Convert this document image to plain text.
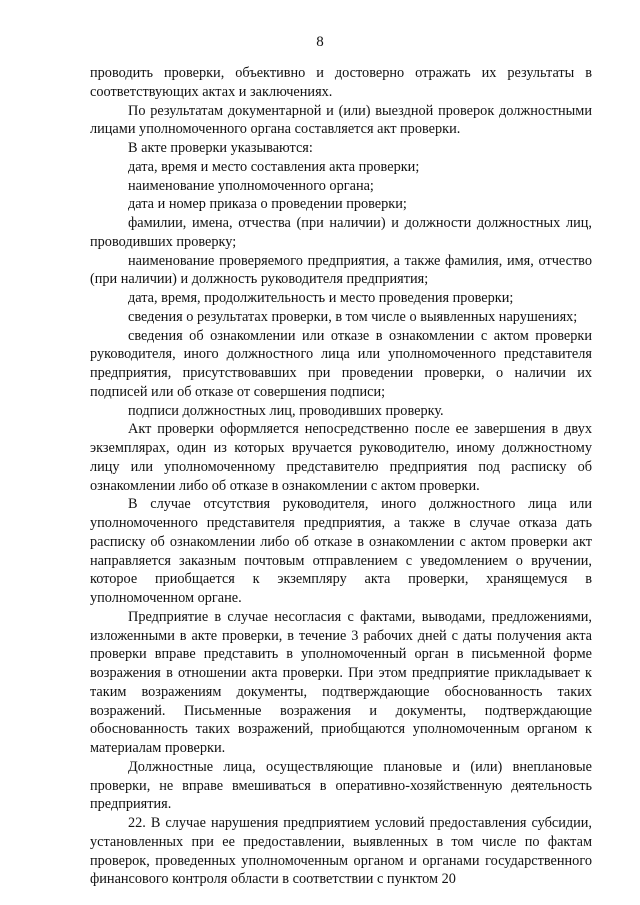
8

проводить проверки, объективно и достоверно отражать их результаты в соответствующих актах и заключениях.

По результатам документарной и (или) выездной проверок должностными лицами уполномоченного органа составляется акт проверки.

В акте проверки указываются:

дата, время и место составления акта проверки;

наименование уполномоченного органа;

дата и номер приказа о проведении проверки;

фамилии, имена, отчества (при наличии) и должности должностных лиц, проводивших проверку;

наименование проверяемого предприятия, а также фамилия, имя, отчество (при наличии) и должность руководителя предприятия;

дата, время, продолжительность и место проведения проверки;

сведения о результатах проверки, в том числе о выявленных нарушениях;

сведения об ознакомлении или отказе в ознакомлении с актом проверки руководителя, иного должностного лица или уполномоченного представителя предприятия, присутствовавших при проведении проверки, о наличии их подписей или об отказе от совершения подписи;

подписи должностных лиц, проводивших проверку.

Акт проверки оформляется непосредственно после ее завершения в двух экземплярах, один из которых вручается руководителю, иному должностному лицу или уполномоченному представителю предприятия под расписку об ознакомлении либо об отказе в ознакомлении с актом проверки.

В случае отсутствия руководителя, иного должностного лица или уполномоченного представителя предприятия, а также в случае отказа дать расписку об ознакомлении либо об отказе в ознакомлении с актом проверки акт направляется заказным почтовым отправлением с уведомлением о вручении, которое приобщается к экземпляру акта проверки, хранящемуся в уполномоченном органе.

Предприятие в случае несогласия с фактами, выводами, предложениями, изложенными в акте проверки, в течение 3 рабочих дней с даты получения акта проверки вправе представить в уполномоченный орган в письменной форме возражения в отношении акта проверки. При этом предприятие прикладывает к таким возражениям документы, подтверждающие обоснованность таких возражений. Письменные возражения и документы, подтверждающие обоснованность таких возражений, приобщаются уполномоченным органом к материалам проверки.

Должностные лица, осуществляющие плановые и (или) внеплановые проверки, не вправе вмешиваться в оперативно-хозяйственную деятельность предприятия.

22. В случае нарушения предприятием условий предоставления субсидии, установленных при ее предоставлении, выявленных в том числе по фактам проверок, проведенных уполномоченным органом и органами государственного финансового контроля области в соответствии с пунктом 20
